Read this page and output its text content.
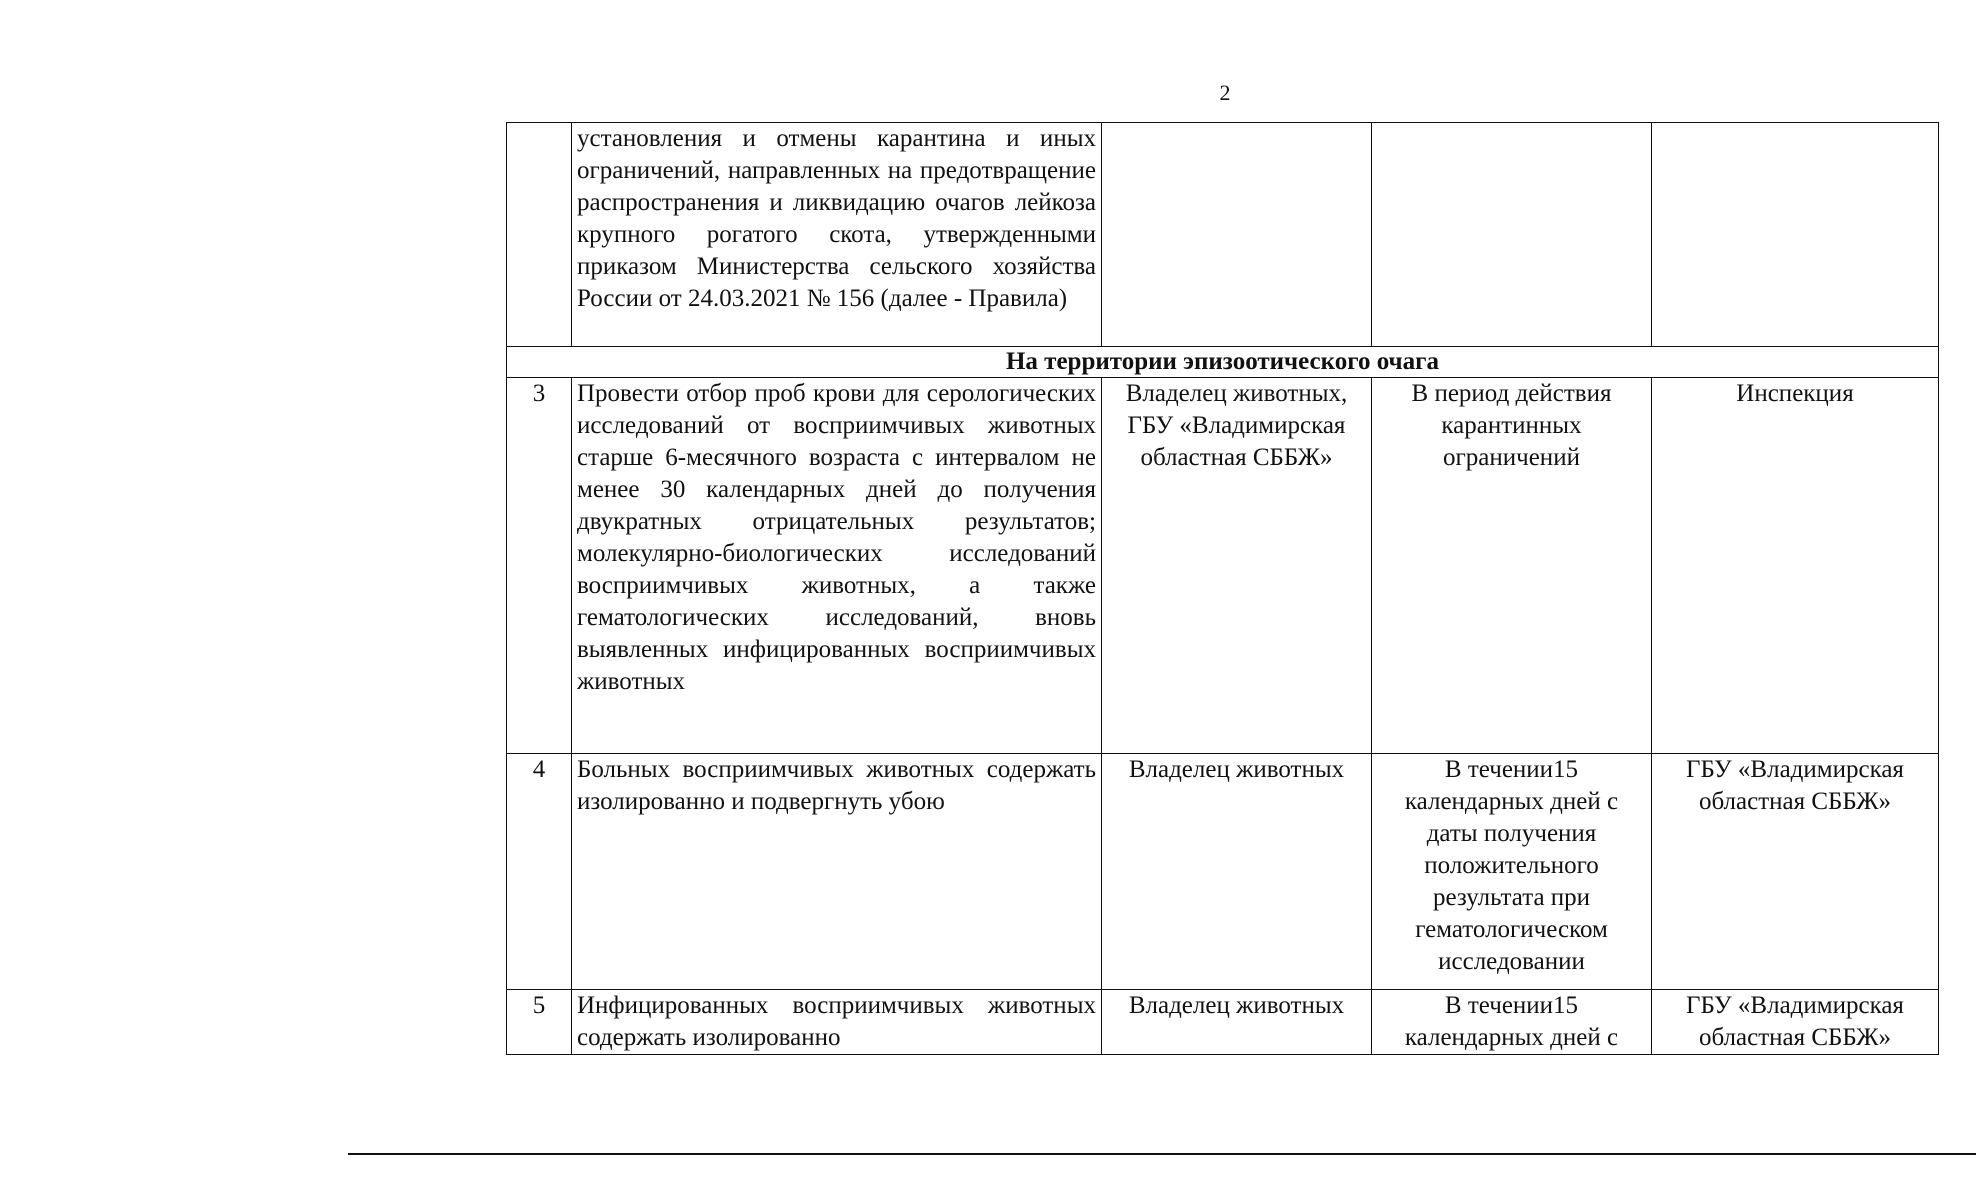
2
	установления и отмены карантина и иных ограничений, направленных на предотвращение распространения и ликвидацию очагов лейкоза крупного рогатого скота, утвержденными приказом Министерства сельского хозяйства России от 24.03.2021 № 156 (далее - Правила)			
На территории эпизоотического очага				
3	Провести отбор проб крови для серологических исследований от восприимчивых животных старше 6-месячного возраста с интервалом не менее 30 календарных дней до получения двукратных отрицательных результатов; молекулярно-биологических исследований восприимчивых животных, а также гематологических исследований, вновь выявленных инфицированных восприимчивых животных	Владелец животных, ГБУ «Владимирская областная СББЖ»	В период действия карантинных ограничений	Инспекция
4	Больных восприимчивых животных содержать изолированно и подвергнуть убою	Владелец животных	В течении15 календарных дней с даты получения положительного результата при гематологическом исследовании	ГБУ «Владимирская областная СББЖ»

5	Инфицированных восприимчивых животных содержать изолированно	Владелец животных	В течении15 календарных дней с	ГБУ «Владимирская областная СББЖ»
